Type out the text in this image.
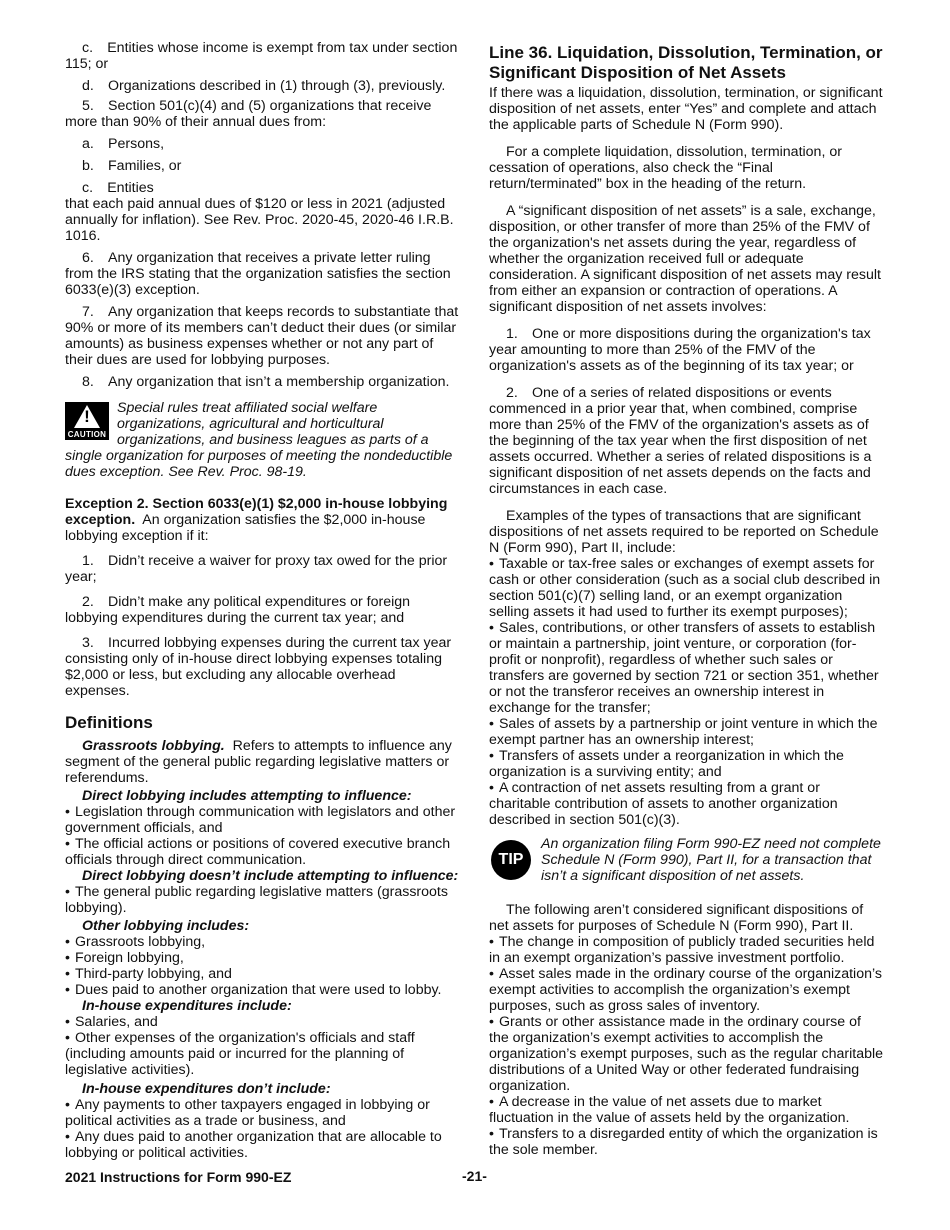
c. Entities whose income is exempt from tax under section 115; or

d. Organizations described in (1) through (3), previously.

5. Section 501(c)(4) and (5) organizations that receive more than 90% of their annual dues from:

a. Persons,

b. Families, or

c. Entities

that each paid annual dues of $120 or less in 2021 (adjusted annually for inflation). See Rev. Proc. 2020-45, 2020-46 I.R.B. 1016.

6. Any organization that receives a private letter ruling from the IRS stating that the organization satisfies the section 6033(e)(3) exception.

7. Any organization that keeps records to substantiate that 90% or more of its members can’t deduct their dues (or similar amounts) as business expenses whether or not any part of their dues are used for lobbying purposes.

8. Any organization that isn’t a membership organization.

!
CAUTION

Special rules treat affiliated social welfare organizations, agricultural and horticultural organizations, and business leagues as parts of a single organization for purposes of meeting the nondeductible dues exception. See Rev. Proc. 98-19.

Exception 2. Section 6033(e)(1) $2,000 in-house lobbying exception. An organization satisfies the $2,000 in-house lobbying exception if it:

1. Didn’t receive a waiver for proxy tax owed for the prior year;

2. Didn’t make any political expenditures or foreign lobbying expenditures during the current tax year; and

3. Incurred lobbying expenses during the current tax year consisting only of in-house direct lobbying expenses totaling $2,000 or less, but excluding any allocable overhead expenses.

Definitions

Grassroots lobbying. Refers to attempts to influence any segment of the general public regarding legislative matters or referendums.

Direct lobbying includes attempting to influence:

• Legislation through communication with legislators and other government officials, and

• The official actions or positions of covered executive branch officials through direct communication.

Direct lobbying doesn’t include attempting to influence:

• The general public regarding legislative matters (grassroots lobbying).

Other lobbying includes:

• Grassroots lobbying,

• Foreign lobbying,

• Third-party lobbying, and

• Dues paid to another organization that were used to lobby.

In-house expenditures include:

• Salaries, and

• Other expenses of the organization's officials and staff (including amounts paid or incurred for the planning of legislative activities).

In-house expenditures don’t include:

• Any payments to other taxpayers engaged in lobbying or political activities as a trade or business, and

• Any dues paid to another organization that are allocable to lobbying or political activities.

Line 36. Liquidation, Dissolution, Termination, or Significant Disposition of Net Assets

If there was a liquidation, dissolution, termination, or significant disposition of net assets, enter “Yes” and complete and attach the applicable parts of Schedule N (Form 990).

For a complete liquidation, dissolution, termination, or cessation of operations, also check the “Final return/terminated” box in the heading of the return.

A “significant disposition of net assets” is a sale, exchange, disposition, or other transfer of more than 25% of the FMV of the organization's net assets during the year, regardless of whether the organization received full or adequate consideration. A significant disposition of net assets may result from either an expansion or contraction of operations. A significant disposition of net assets involves:

1. One or more dispositions during the organization's tax year amounting to more than 25% of the FMV of the organization's assets as of the beginning of its tax year; or

2. One of a series of related dispositions or events commenced in a prior year that, when combined, comprise more than 25% of the FMV of the organization's assets as of the beginning of the tax year when the first disposition of net assets occurred. Whether a series of related dispositions is a significant disposition of net assets depends on the facts and circumstances in each case.

Examples of the types of transactions that are significant dispositions of net assets required to be reported on Schedule N (Form 990), Part II, include:

• Taxable or tax-free sales or exchanges of exempt assets for cash or other consideration (such as a social club described in section 501(c)(7) selling land, or an exempt organization selling assets it had used to further its exempt purposes);

• Sales, contributions, or other transfers of assets to establish or maintain a partnership, joint venture, or corporation (for-profit or nonprofit), regardless of whether such sales or transfers are governed by section 721 or section 351, whether or not the transferor receives an ownership interest in exchange for the transfer;

• Sales of assets by a partnership or joint venture in which the exempt partner has an ownership interest;

• Transfers of assets under a reorganization in which the organization is a surviving entity; and

• A contraction of net assets resulting from a grant or charitable contribution of assets to another organization described in section 501(c)(3).

TIP

An organization filing Form 990-EZ need not complete Schedule N (Form 990), Part II, for a transaction that isn’t a significant disposition of net assets.

The following aren’t considered significant dispositions of net assets for purposes of Schedule N (Form 990), Part II.

• The change in composition of publicly traded securities held in an exempt organization’s passive investment portfolio.

• Asset sales made in the ordinary course of the organization’s exempt activities to accomplish the organization’s exempt purposes, such as gross sales of inventory.

• Grants or other assistance made in the ordinary course of the organization’s exempt activities to accomplish the organization’s exempt purposes, such as the regular charitable distributions of a United Way or other federated fundraising organization.

• A decrease in the value of net assets due to market fluctuation in the value of assets held by the organization.

• Transfers to a disregarded entity of which the organization is the sole member.

2021 Instructions for Form 990-EZ	-21-
